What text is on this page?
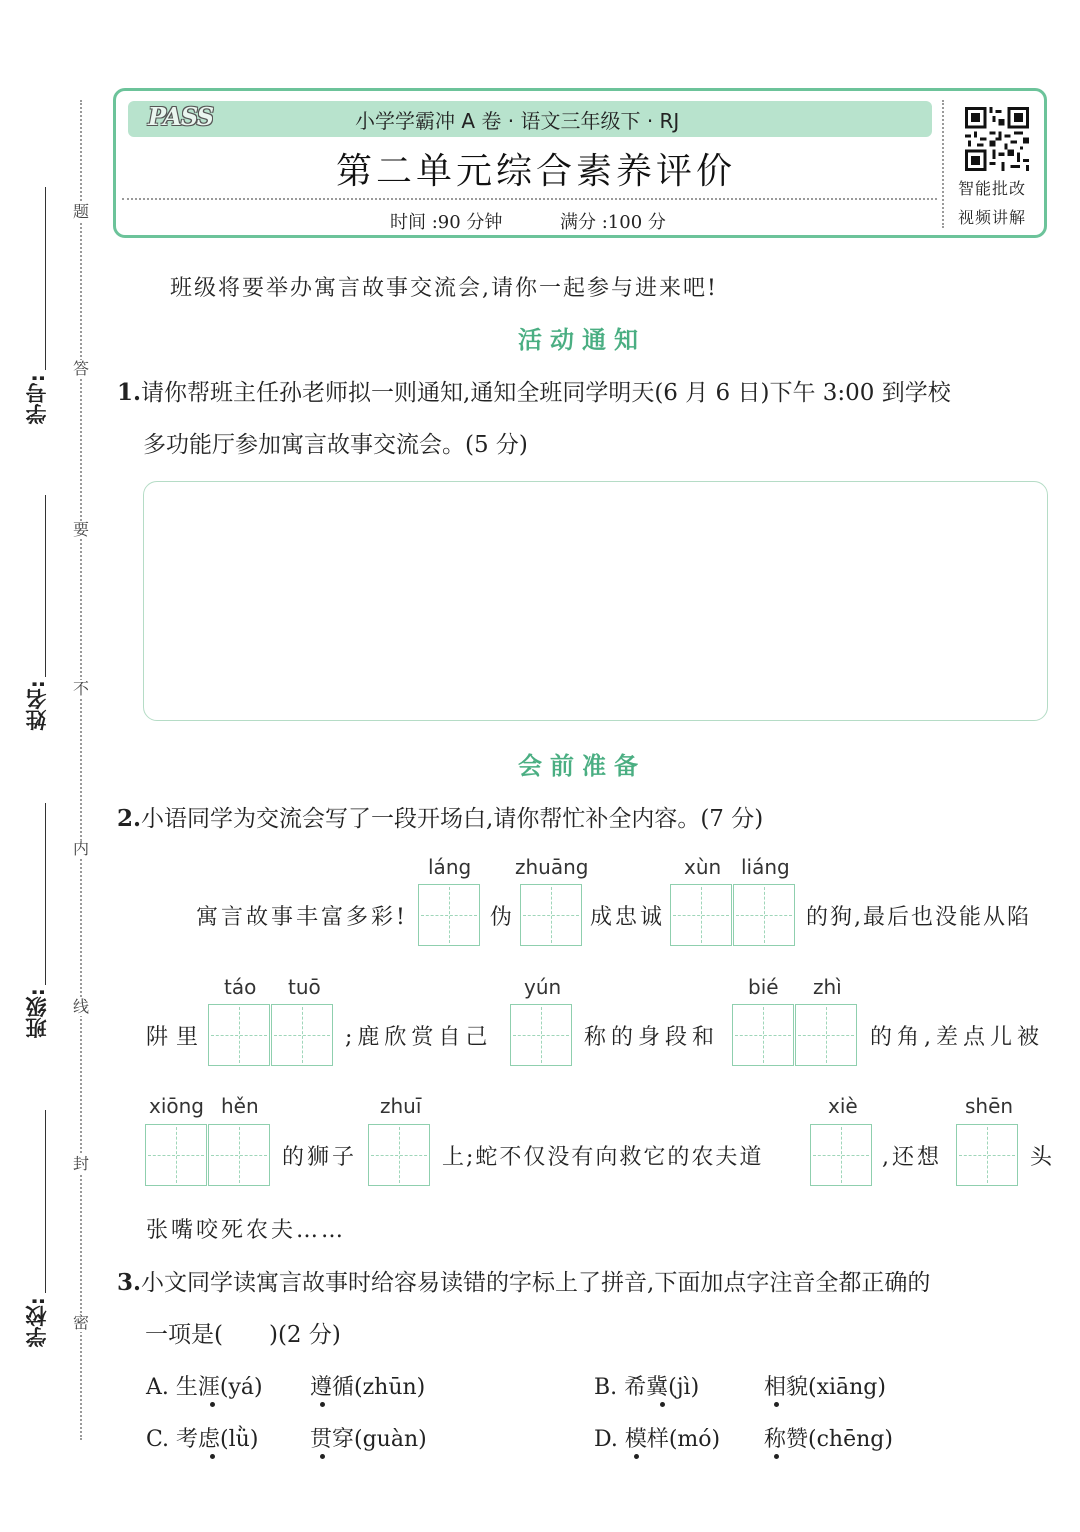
题
答
要
不
内
线
封
密
学号:
姓名:
班级:
学校:
PASS	小学学霸冲 A 卷 · 语文三年级下 · RJ
第二单元综合素养评价
时间 :90 分钟	满分 :100 分
智能批改
视频讲解
班级将要举办寓言故事交流会,请你一起参与进来吧!
活动通知
1.请你帮班主任孙老师拟一则通知,通知全班同学明天(6 月 6 日)下午 3:00 到学校
多功能厅参加寓言故事交流会。(5 分)
会前准备
2.小语同学为交流会写了一段开场白,请你帮忙补全内容。(7 分)
láng zhuāng	xùn liáng
寓言故事丰富多彩!	伪	成忠诚	的狗,最后也没能从陷
táo tuō	yún	bié zhì
阱里	;鹿欣赏自己	称的身段和	的角,差点儿被
xiōng hěn	zhuī	xiè	shēn
的狮子	上;蛇不仅没有向救它的农夫道	,还想	头
张嘴咬死农夫……
3.小文同学读寓言故事时给容易读错的字标上了拼音,下面加点字注音全都正确的
一项是(　　)(2 分)
A. 生涯(yá) 遵循(zhūn)	B. 希冀(jì)	相貌(xiāng)
C. 考虑(lǜ) 贯穿(guàn)	D. 模样(mó) 称赞(chēng)
